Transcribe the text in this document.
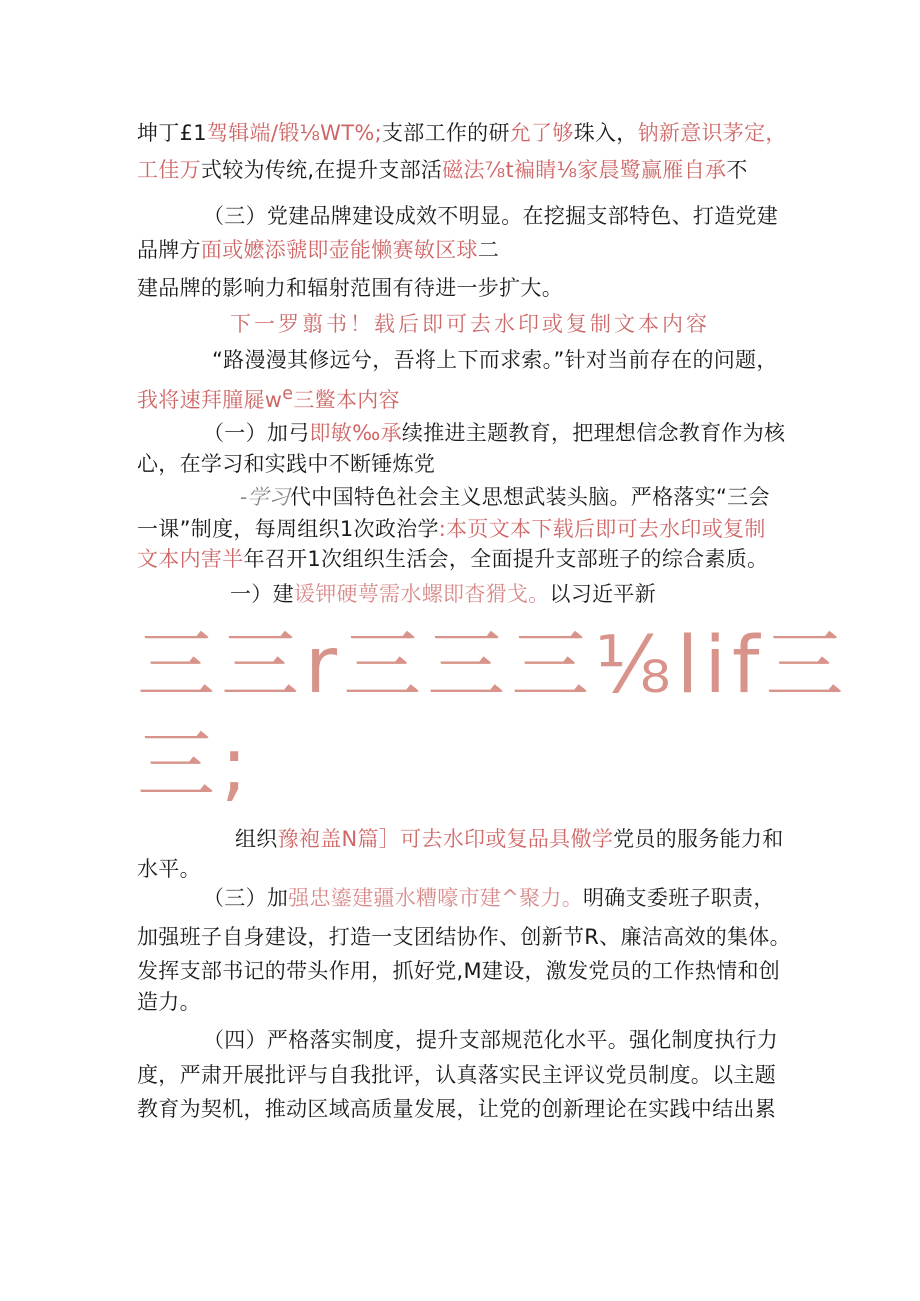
坤丁£1驾辑端/锻⅛WT%;支部工作的研允了够珠入，钠新意识茅定，
工佳万式较为传统,在提升支部活磁法⅞t褊睛⅛家晨鹭赢雁自承不
（三）党建品牌建设成效不明显。在挖掘支部特色、打造党建
品牌方面或嬷添虢即壶能懒赛敏区球二
建品牌的影响力和辐射范围有待进一步扩大。
下一罗翦书！载后即可去水印或复制文本内容
“路漫漫其修远兮，吾将上下而求索。”针对当前存在的问题，
我将速拜朣屣$w^e$三鳖本内容
（一）加弓即敏‰承续推进主题教育，把理想信念教育作为核
心，在学习和实践中不断锤炼党
-学习代中国特色社会主义思想武装头脑。严格落实“三会
一课”制度，每周组织1次政治学:本页文本下载后即可去水印或复制
文本内害半年召开1次组织生活会，全面提升支部班子的综合素质。
一）建谖钾硬萼需水螺即杳猾戈。以习近平新
三三r三三三⅛lif三
三;
组织豫袍盖N篇］可去水印或复品具儆学党员的服务能力和
水平。
（三）加强忠鎏建疆水糟嚎市建^聚力。明确支委班子职责，
加强班子自身建设，打造一支团结协作、创新节R、廉洁高效的集体。
发挥支部书记的带头作用，抓好党,M建设，激发党员的工作热情和创
造力。
（四）严格落实制度，提升支部规范化水平。强化制度执行力
度，严肃开展批评与自我批评，认真落实民主评议党员制度。以主题
教育为契机，推动区域高质量发展，让党的创新理论在实践中结出累
